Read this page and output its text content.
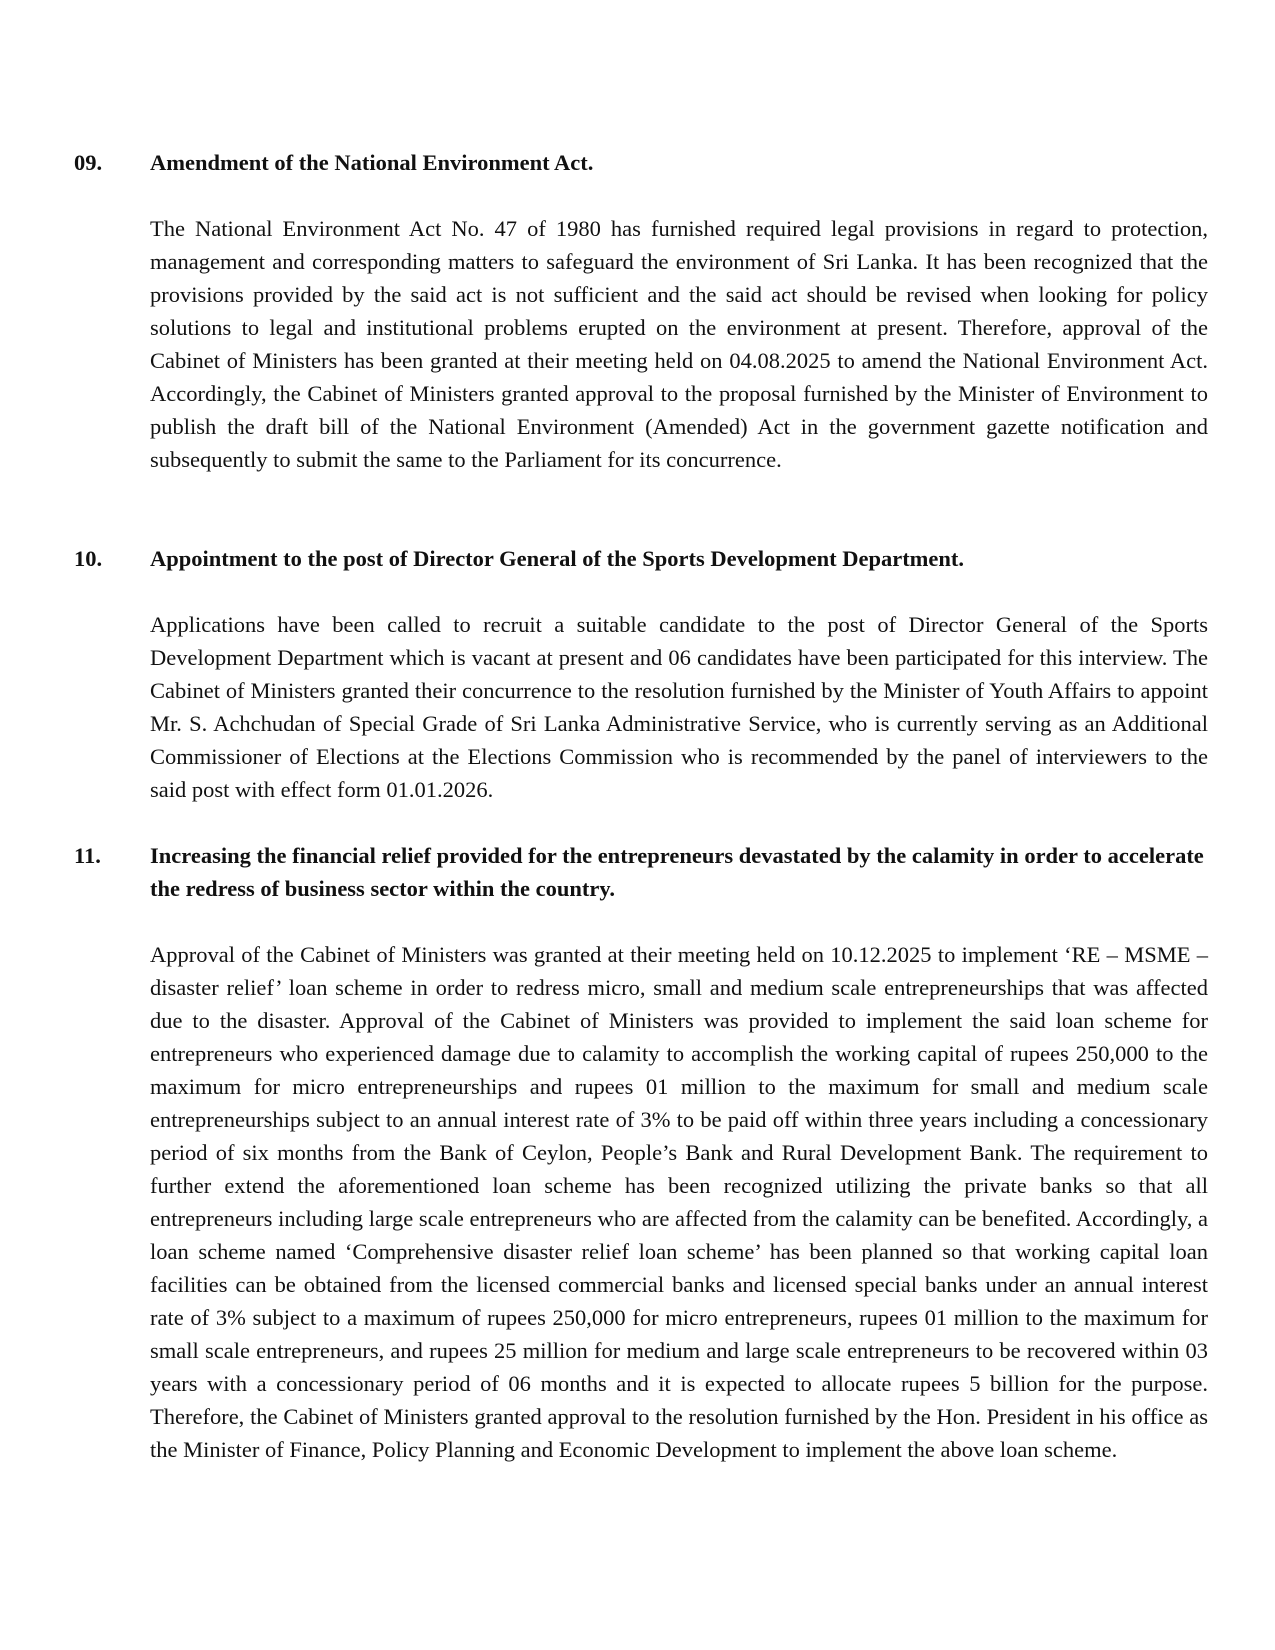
09. Amendment of the National Environment Act.

The National Environment Act No. 47 of 1980 has furnished required legal provisions in regard to protection, management and corresponding matters to safeguard the environment of Sri Lanka. It has been recognized that the provisions provided by the said act is not sufficient and the said act should be revised when looking for policy solutions to legal and institutional problems erupted on the environment at present. Therefore, approval of the Cabinet of Ministers has been granted at their meeting held on 04.08.2025 to amend the National Environment Act. Accordingly, the Cabinet of Ministers granted approval to the proposal furnished by the Minister of Environment to publish the draft bill of the National Environment (Amended) Act in the government gazette notification and subsequently to submit the same to the Parliament for its concurrence.

10. Appointment to the post of Director General of the Sports Development Department.

Applications have been called to recruit a suitable candidate to the post of Director General of the Sports Development Department which is vacant at present and 06 candidates have been participated for this interview. The Cabinet of Ministers granted their concurrence to the resolution furnished by the Minister of Youth Affairs to appoint Mr. S. Achchudan of Special Grade of Sri Lanka Administrative Service, who is currently serving as an Additional Commissioner of Elections at the Elections Commission who is recommended by the panel of interviewers to the said post with effect form 01.01.2026.

11. Increasing the financial relief provided for the entrepreneurs devastated by the calamity in order to accelerate the redress of business sector within the country.

Approval of the Cabinet of Ministers was granted at their meeting held on 10.12.2025 to implement ‘RE – MSME – disaster relief’ loan scheme in order to redress micro, small and medium scale entrepreneurships that was affected due to the disaster. Approval of the Cabinet of Ministers was provided to implement the said loan scheme for entrepreneurs who experienced damage due to calamity to accomplish the working capital of rupees 250,000 to the maximum for micro entrepreneurships and rupees 01 million to the maximum for small and medium scale entrepreneurships subject to an annual interest rate of 3% to be paid off within three years including a concessionary period of six months from the Bank of Ceylon, People’s Bank and Rural Development Bank. The requirement to further extend the aforementioned loan scheme has been recognized utilizing the private banks so that all entrepreneurs including large scale entrepreneurs who are affected from the calamity can be benefited. Accordingly, a loan scheme named ‘Comprehensive disaster relief loan scheme’ has been planned so that working capital loan facilities can be obtained from the licensed commercial banks and licensed special banks under an annual interest rate of 3% subject to a maximum of rupees 250,000 for micro entrepreneurs, rupees 01 million to the maximum for small scale entrepreneurs, and rupees 25 million for medium and large scale entrepreneurs to be recovered within 03 years with a concessionary period of 06 months and it is expected to allocate rupees 5 billion for the purpose. Therefore, the Cabinet of Ministers granted approval to the resolution furnished by the Hon. President in his office as the Minister of Finance, Policy Planning and Economic Development to implement the above loan scheme.
